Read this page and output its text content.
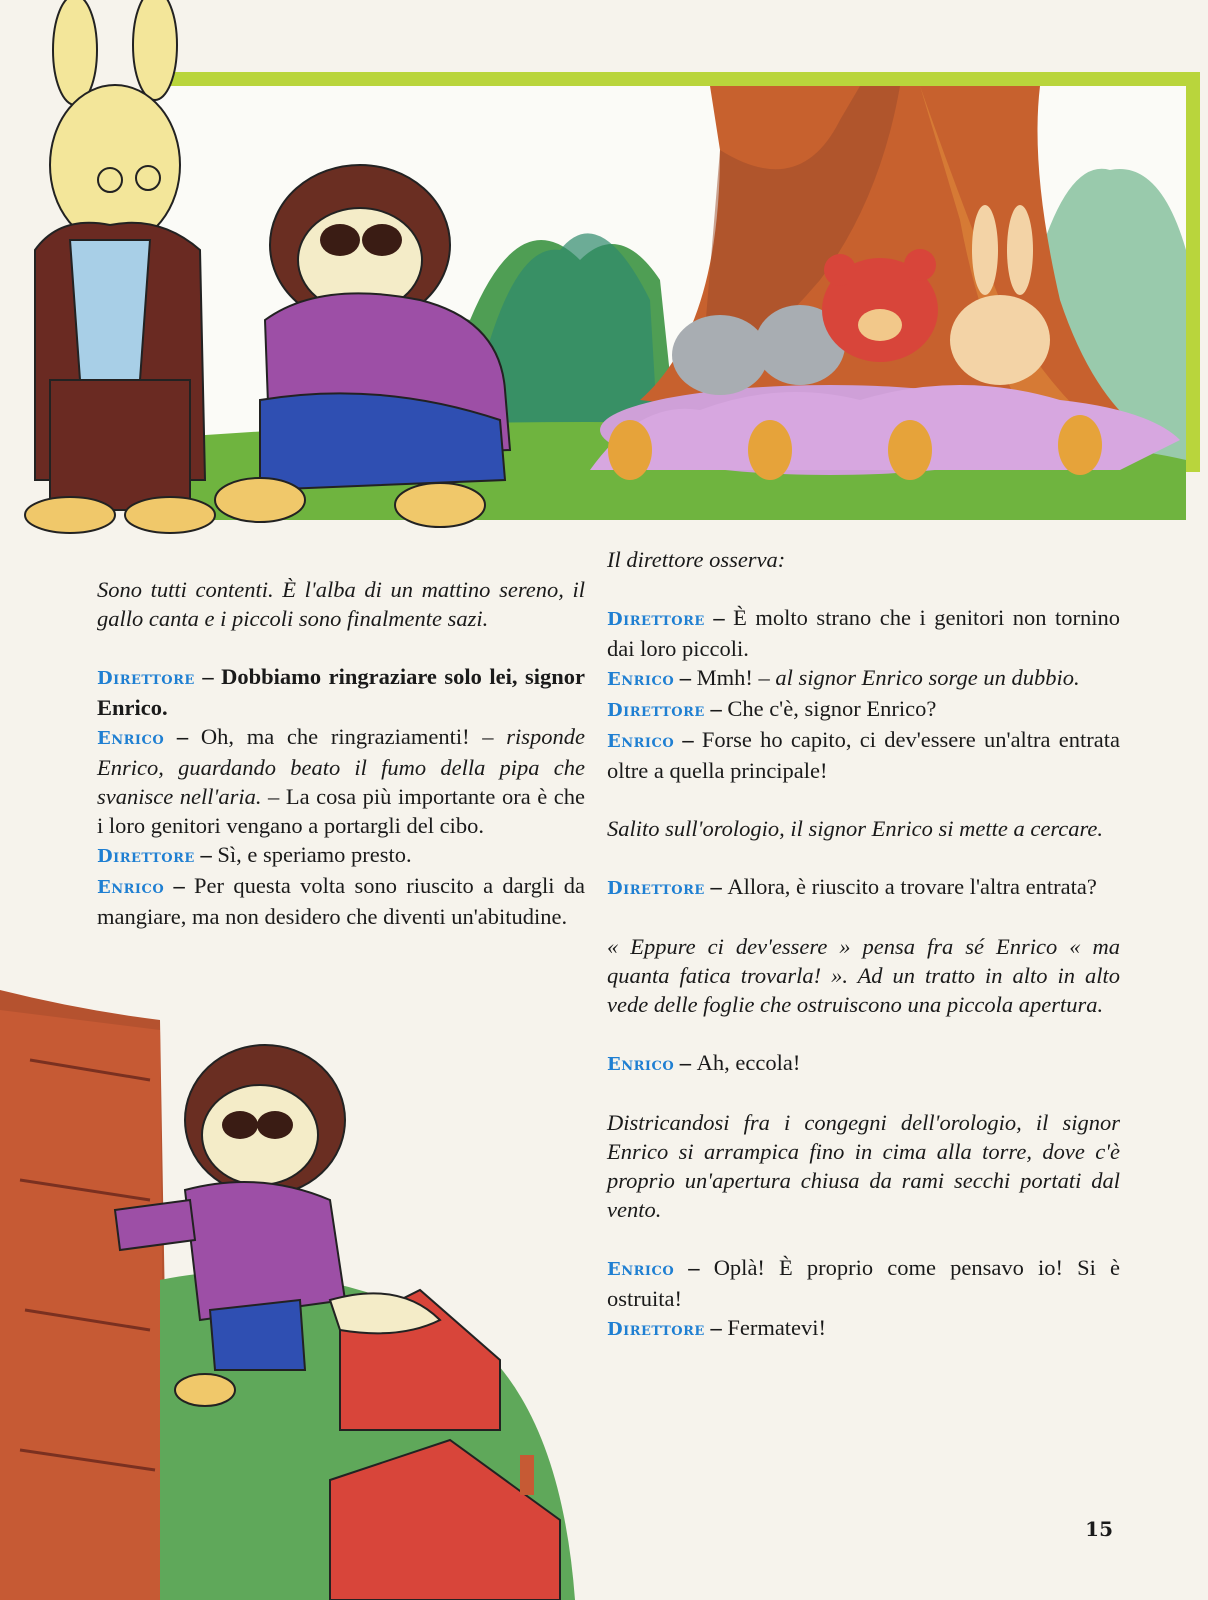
Sono tutti contenti. È l'alba di un mattino sereno, il gallo canta e i piccoli sono finalmente sazi.

Direttore – Dobbiamo ringraziare solo lei, signor Enrico.

Enrico – Oh, ma che ringraziamenti! – risponde Enrico, guardando beato il fumo della pipa che svanisce nell'aria. – La cosa più importante ora è che i loro genitori vengano a portargli del cibo.

Direttore – Sì, e speriamo presto.

Enrico – Per questa volta sono riuscito a dargli da mangiare, ma non desidero che diventi un'abitudine.

Il direttore osserva:

Direttore – È molto strano che i genitori non tornino dai loro piccoli.

Enrico – Mmh! – al signor Enrico sorge un dubbio.

Direttore – Che c'è, signor Enrico?

Enrico – Forse ho capito, ci dev'essere un'altra entrata oltre a quella principale!

Salito sull'orologio, il signor Enrico si mette a cercare.

Direttore – Allora, è riuscito a trovare l'altra entrata?

« Eppure ci dev'essere » pensa fra sé Enrico « ma quanta fatica trovarla! ». Ad un tratto in alto in alto vede delle foglie che ostruiscono una piccola apertura.

Enrico – Ah, eccola!

Districandosi fra i congegni dell'orologio, il signor Enrico si arrampica fino in cima alla torre, dove c'è proprio un'apertura chiusa da rami secchi portati dal vento.

Enrico – Oplà! È proprio come pensavo io! Si è ostruita!

Direttore – Fermatevi!

15
